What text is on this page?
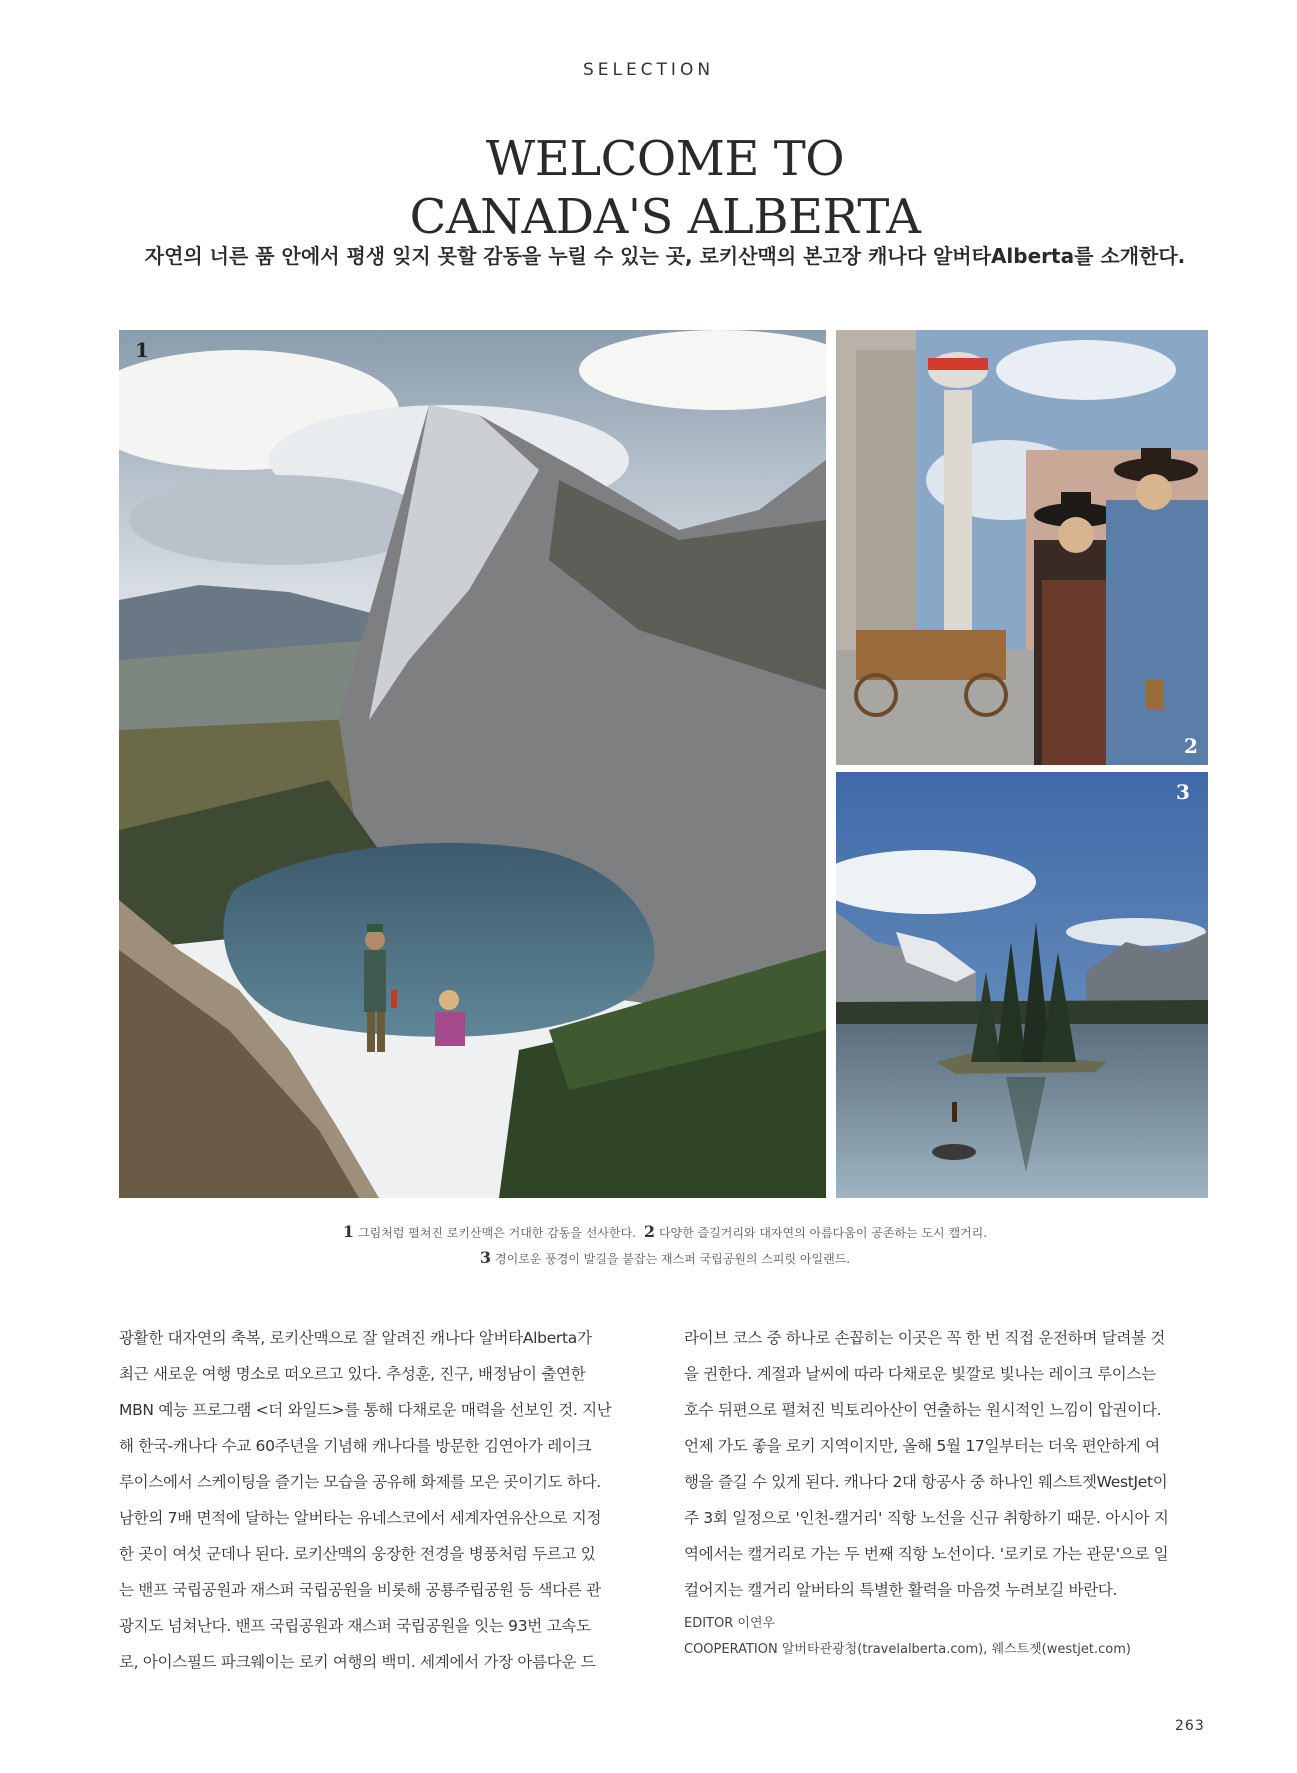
SELECTION
WELCOME TO
CANADA'S ALBERTA
자연의 너른 품 안에서 평생 잊지 못할 감동을 누릴 수 있는 곳, 로키산맥의 본고장 캐나다 알버타Alberta를 소개한다.
1
2
3
1 그림처럼 펼쳐진 로키산맥은 거대한 감동을 선사한다. 2 다양한 즐길거리와 대자연의 아름다움이 공존하는 도시 캘거리.
3 경이로운 풍경이 발길을 붙잡는 재스퍼 국립공원의 스피릿 아일랜드.

광활한 대자연의 축복, 로키산맥으로 잘 알려진 캐나다 알버타Alberta가

최근 새로운 여행 명소로 떠오르고 있다. 추성훈, 진구, 배정남이 출연한

MBN 예능 프로그램 <더 와일드>를 통해 다채로운 매력을 선보인 것. 지난

해 한국-캐나다 수교 60주년을 기념해 캐나다를 방문한 김연아가 레이크

루이스에서 스케이팅을 즐기는 모습을 공유해 화제를 모은 곳이기도 하다.

남한의 7배 면적에 달하는 알버타는 유네스코에서 세계자연유산으로 지정

한 곳이 여섯 군데나 된다. 로키산맥의 웅장한 전경을 병풍처럼 두르고 있

는 밴프 국립공원과 재스퍼 국립공원을 비롯해 공룡주립공원 등 색다른 관

광지도 넘쳐난다. 밴프 국립공원과 재스퍼 국립공원을 잇는 93번 고속도

로, 아이스필드 파크웨이는 로키 여행의 백미. 세계에서 가장 아름다운 드

라이브 코스 중 하나로 손꼽히는 이곳은 꼭 한 번 직접 운전하며 달려볼 것

을 권한다. 계절과 날씨에 따라 다채로운 빛깔로 빛나는 레이크 루이스는

호수 뒤편으로 펼쳐진 빅토리아산이 연출하는 원시적인 느낌이 압권이다.

언제 가도 좋을 로키 지역이지만, 올해 5월 17일부터는 더욱 편안하게 여

행을 즐길 수 있게 된다. 캐나다 2대 항공사 중 하나인 웨스트젯WestJet이

주 3회 일정으로 '인천-캘거리' 직항 노선을 신규 취항하기 때문. 아시아 지

역에서는 캘거리로 가는 두 번째 직항 노선이다. '로키로 가는 관문'으로 일

컬어지는 캘거리 알버타의 특별한 활력을 마음껏 누려보길 바란다.

EDITOR 이연우
COOPERATION 알버타관광청(travelalberta.com), 웨스트젯(westjet.com)
263
